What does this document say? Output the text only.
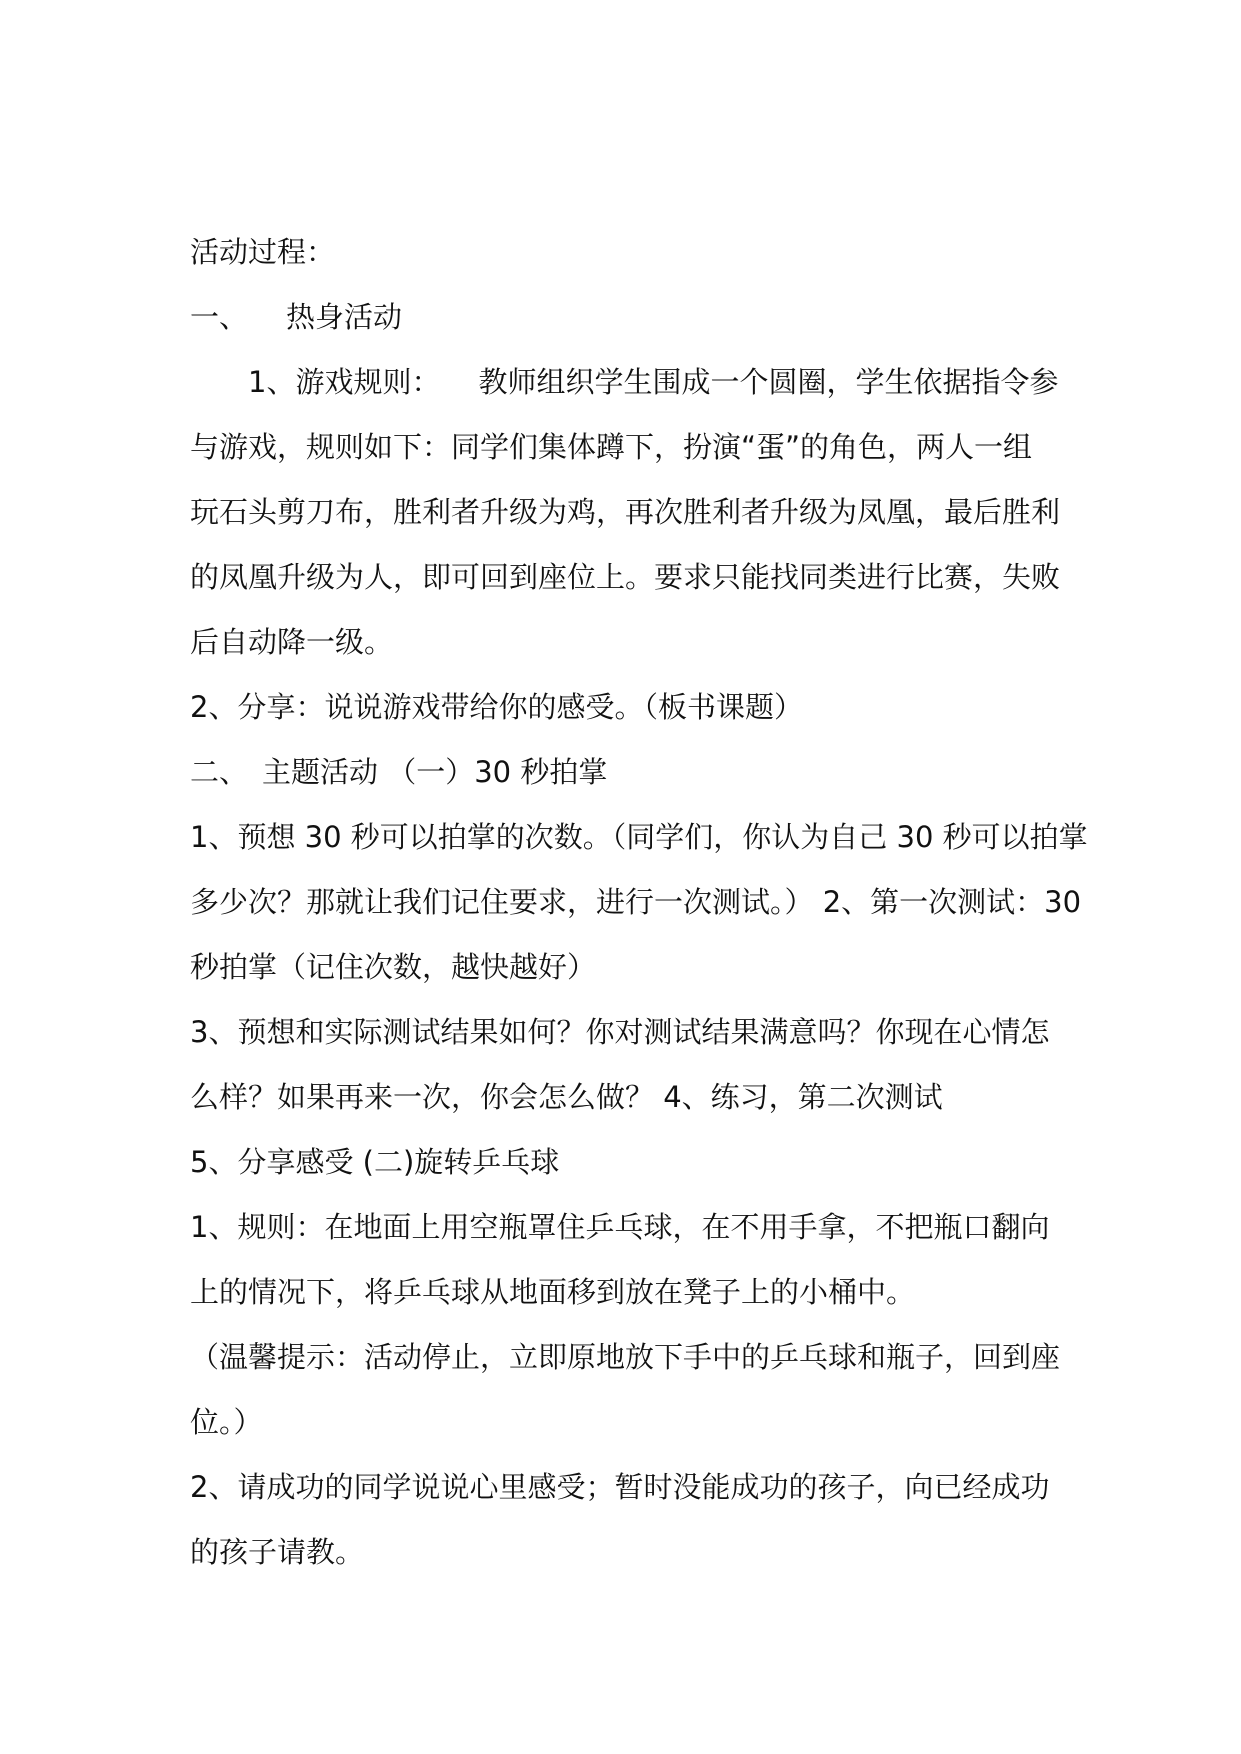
活动过程：
一、 热身活动
1、游戏规则： 教师组织学生围成一个圆圈，学生依据指令参
与游戏，规则如下：同学们集体蹲下，扮演“蛋”的角色，两人一组
玩石头剪刀布，胜利者升级为鸡，再次胜利者升级为凤凰，最后胜利
的凤凰升级为人，即可回到座位上。要求只能找同类进行比赛，失败
后自动降一级。
2、分享：说说游戏带给你的感受。（板书课题）
二、 主题活动 （一）30 秒拍掌
1、预想 30 秒可以拍掌的次数。（同学们，你认为自己 30 秒可以拍掌
多少次？那就让我们记住要求，进行一次测试。） 2、第一次测试：30
秒拍掌（记住次数，越快越好）
3、预想和实际测试结果如何？你对测试结果满意吗？你现在心情怎
么样？如果再来一次，你会怎么做？ 4、练习，第二次测试
5、分享感受 (二)旋转乒乓球
1、规则：在地面上用空瓶罩住乒乓球，在不用手拿，不把瓶口翻向
上的情况下，将乒乓球从地面移到放在凳子上的小桶中。
（温馨提示：活动停止，立即原地放下手中的乒乓球和瓶子，回到座
位。）
2、请成功的同学说说心里感受；暂时没能成功的孩子，向已经成功
的孩子请教。
